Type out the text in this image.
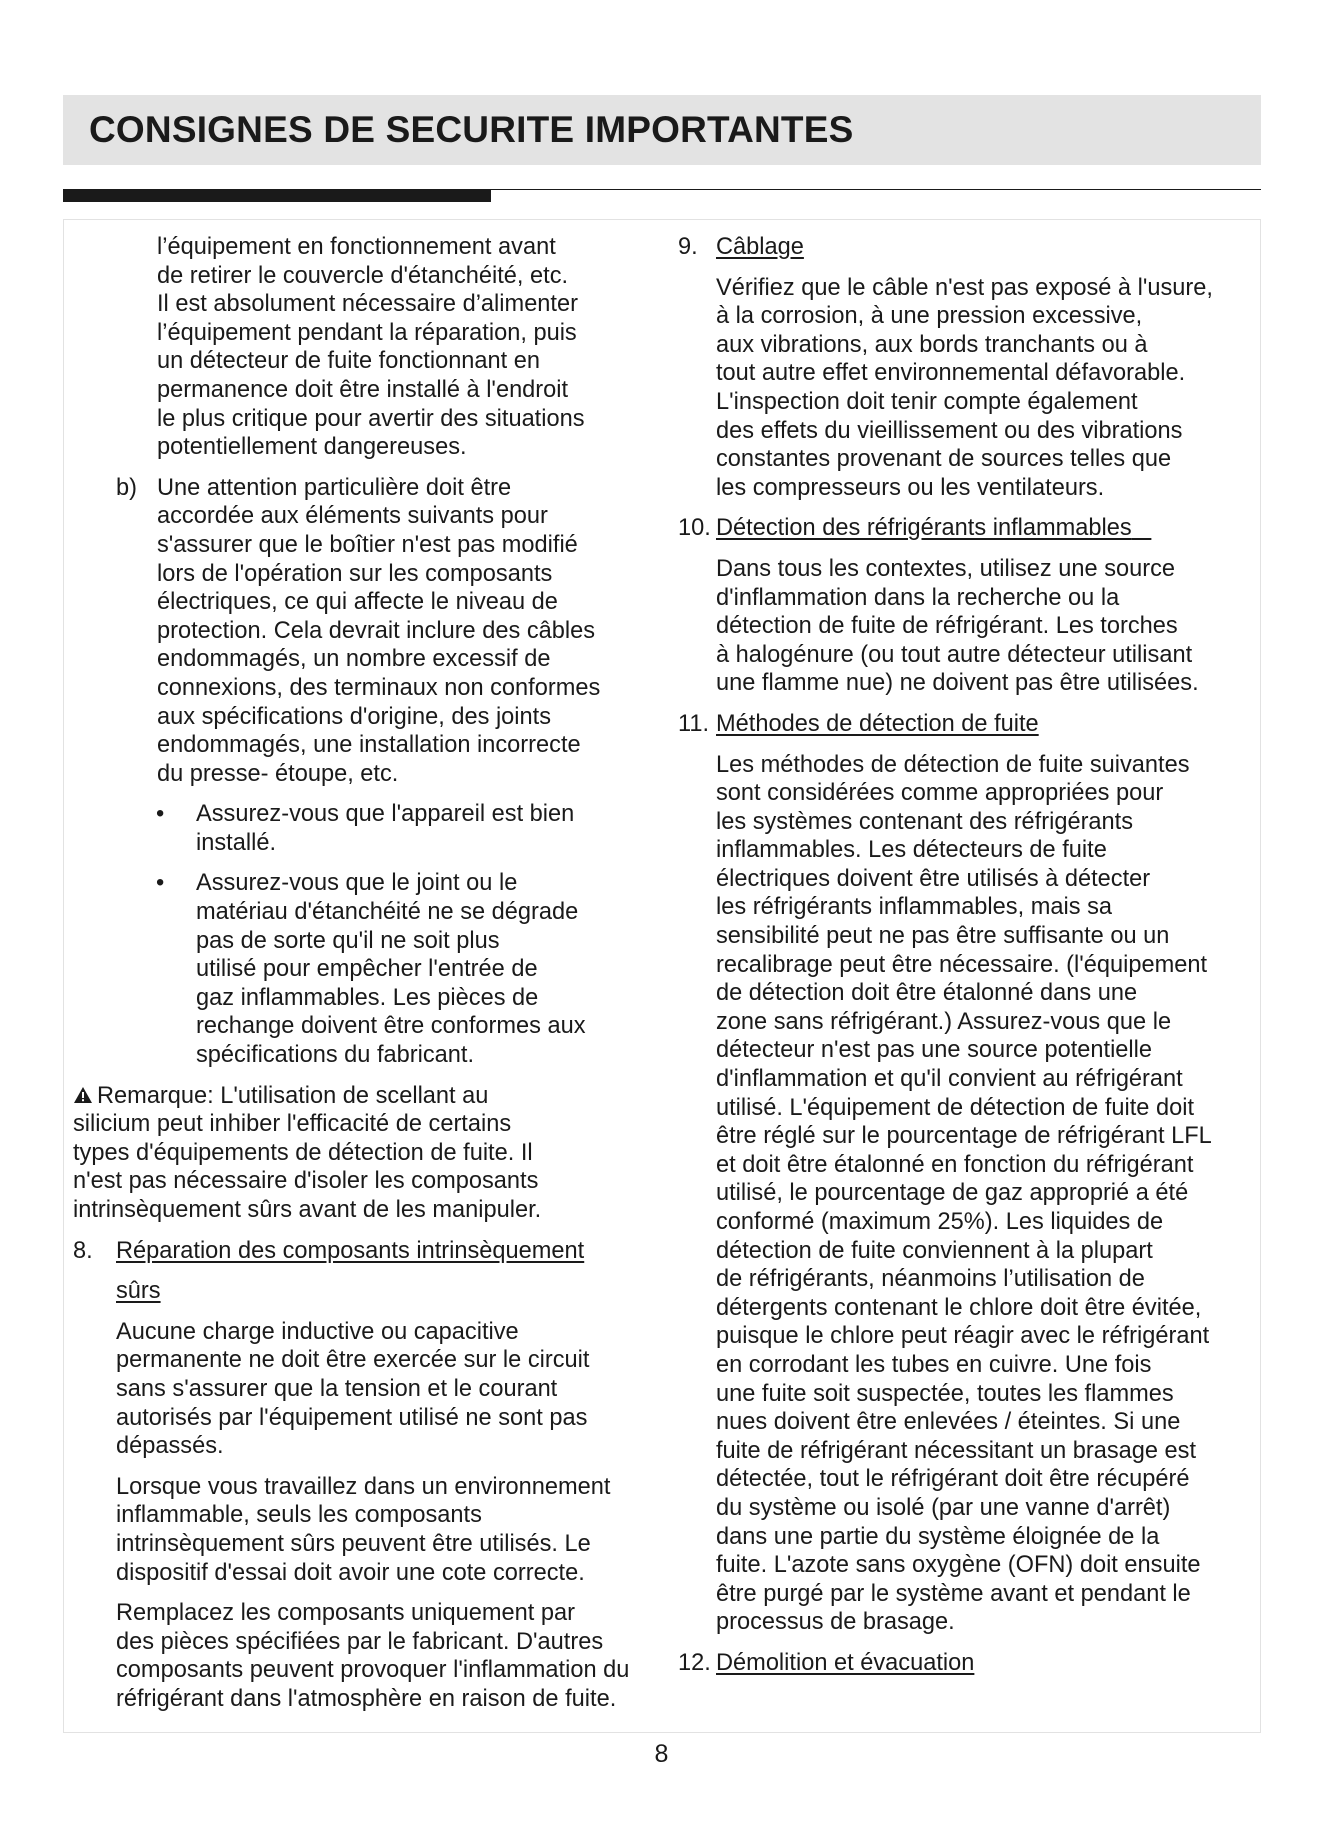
CONSIGNES DE SECURITE IMPORTANTES
l’équipement en fonctionnement avant
de retirer le couvercle d'étanchéité, etc.
Il est absolument nécessaire d’alimenter
l’équipement pendant la réparation, puis
un détecteur de fuite fonctionnant en
permanence doit être installé à l'endroit
le plus critique pour avertir des situations
potentiellement dangereuses.
b) Une attention particulière doit être
accordée aux éléments suivants pour
s'assurer que le boîtier n'est pas modifié
lors de l'opération sur les composants
électriques, ce qui affecte le niveau de
protection. Cela devrait inclure des câbles
endommagés, un nombre excessif de
connexions, des terminaux non conformes
aux spécifications d'origine, des joints
endommagés, une installation incorrecte
du presse- étoupe, etc.
• Assurez-vous que l'appareil est bien
installé.
• Assurez-vous que le joint ou le
matériau d'étanchéité ne se dégrade
pas de sorte qu'il ne soit plus
utilisé pour empêcher l'entrée de
gaz inflammables. Les pièces de
rechange doivent être conformes aux
spécifications du fabricant.
Remarque: L'utilisation de scellant au
silicium peut inhiber l'efficacité de certains
types d'équipements de détection de fuite. Il
n'est pas nécessaire d'isoler les composants
intrinsèquement sûrs avant de les manipuler.
8. Réparation des composants intrinsèquement
sûrs
Aucune charge inductive ou capacitive
permanente ne doit être exercée sur le circuit
sans s'assurer que la tension et le courant
autorisés par l'équipement utilisé ne sont pas
dépassés.
Lorsque vous travaillez dans un environnement
inflammable, seuls les composants
intrinsèquement sûrs peuvent être utilisés. Le
dispositif d'essai doit avoir une cote correcte.
Remplacez les composants uniquement par
des pièces spécifiées par le fabricant. D'autres
composants peuvent provoquer l'inflammation du
réfrigérant dans l'atmosphère en raison de fuite.
9. Câblage
Vérifiez que le câble n'est pas exposé à l'usure,
à la corrosion, à une pression excessive,
aux vibrations, aux bords tranchants ou à
tout autre effet environnemental défavorable.
L'inspection doit tenir compte également
des effets du vieillissement ou des vibrations
constantes provenant de sources telles que
les compresseurs ou les ventilateurs.
10. Détection des réfrigérants inflammables
Dans tous les contextes, utilisez une source
d'inflammation dans la recherche ou la
détection de fuite de réfrigérant. Les torches
à halogénure (ou tout autre détecteur utilisant
une flamme nue) ne doivent pas être utilisées.
11. Méthodes de détection de fuite
Les méthodes de détection de fuite suivantes
sont considérées comme appropriées pour
les systèmes contenant des réfrigérants
inflammables. Les détecteurs de fuite
électriques doivent être utilisés à détecter
les réfrigérants inflammables, mais sa
sensibilité peut ne pas être suffisante ou un
recalibrage peut être nécessaire. (l'équipement
de détection doit être étalonné dans une
zone sans réfrigérant.) Assurez-vous que le
détecteur n'est pas une source potentielle
d'inflammation et qu'il convient au réfrigérant
utilisé. L'équipement de détection de fuite doit
être réglé sur le pourcentage de réfrigérant LFL
et doit être étalonné en fonction du réfrigérant
utilisé, le pourcentage de gaz approprié a été
conformé (maximum 25%). Les liquides de
détection de fuite conviennent à la plupart
de réfrigérants, néanmoins l’utilisation de
détergents contenant le chlore doit être évitée,
puisque le chlore peut réagir avec le réfrigérant
en corrodant les tubes en cuivre. Une fois
une fuite soit suspectée, toutes les flammes
nues doivent être enlevées / éteintes. Si une
fuite de réfrigérant nécessitant un brasage est
détectée, tout le réfrigérant doit être récupéré
du système ou isolé (par une vanne d'arrêt)
dans une partie du système éloignée de la
fuite. L'azote sans oxygène (OFN) doit ensuite
être purgé par le système avant et pendant le
processus de brasage.
12. Démolition et évacuation
8
